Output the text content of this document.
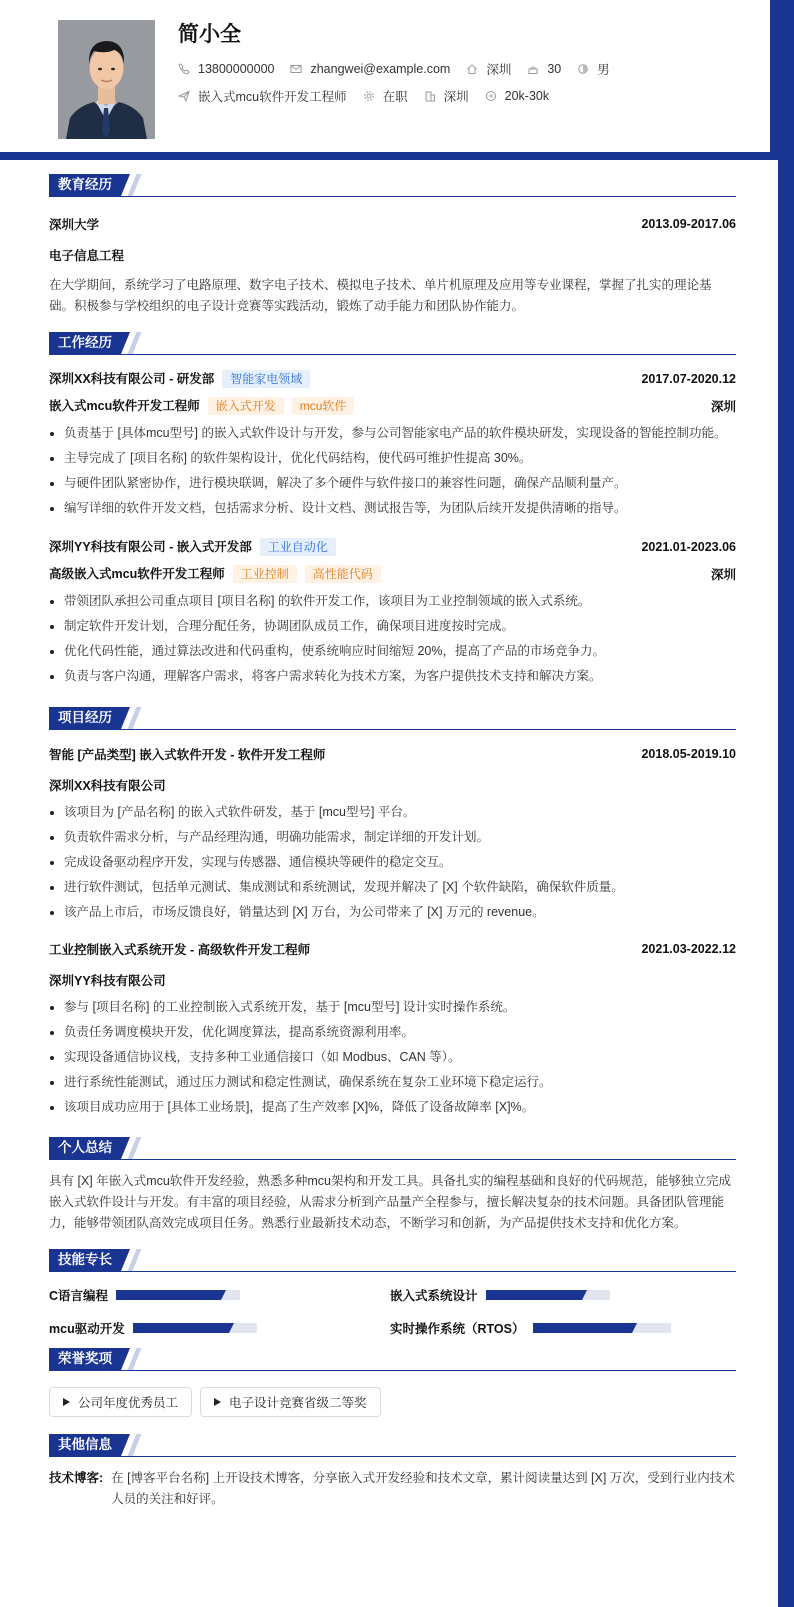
简小全
13800000000	zhangwei@example.com	深圳	30	男
嵌入式mcu软件开发工程师	在职	深圳	20k-30k
教育经历
深圳大学	2013.09-2017.06
电子信息工程
在大学期间，系统学习了电路原理、数字电子技术、模拟电子技术、单片机原理及应用等专业课程，掌握了扎实的理论基础。积极参与学校组织的电子设计竞赛等实践活动，锻炼了动手能力和团队协作能力。
工作经历
深圳XX科技有限公司 - 研发部 智能家电领域	2017.07-2020.12
嵌入式mcu软件开发工程师 嵌入式开发 mcu软件	深圳
负责基于 [具体mcu型号] 的嵌入式软件设计与开发，参与公司智能家电产品的软件模块研发，实现设备的智能控制功能。
主导完成了 [项目名称] 的软件架构设计，优化代码结构，使代码可维护性提高 30%。
与硬件团队紧密协作，进行模块联调，解决了多个硬件与软件接口的兼容性问题，确保产品顺利量产。
编写详细的软件开发文档，包括需求分析、设计文档、测试报告等，为团队后续开发提供清晰的指导。
深圳YY科技有限公司 - 嵌入式开发部 工业自动化	2021.01-2023.06
高级嵌入式mcu软件开发工程师 工业控制 高性能代码	深圳
带领团队承担公司重点项目 [项目名称] 的软件开发工作，该项目为工业控制领域的嵌入式系统。
制定软件开发计划，合理分配任务，协调团队成员工作，确保项目进度按时完成。
优化代码性能，通过算法改进和代码重构，使系统响应时间缩短 20%，提高了产品的市场竞争力。
负责与客户沟通，理解客户需求，将客户需求转化为技术方案，为客户提供技术支持和解决方案。
项目经历
智能 [产品类型] 嵌入式软件开发 - 软件开发工程师	2018.05-2019.10
深圳XX科技有限公司
该项目为 [产品名称] 的嵌入式软件研发，基于 [mcu型号] 平台。
负责软件需求分析，与产品经理沟通，明确功能需求，制定详细的开发计划。
完成设备驱动程序开发，实现与传感器、通信模块等硬件的稳定交互。
进行软件测试，包括单元测试、集成测试和系统测试，发现并解决了 [X] 个软件缺陷，确保软件质量。
该产品上市后，市场反馈良好，销量达到 [X] 万台，为公司带来了 [X] 万元的 revenue。
工业控制嵌入式系统开发 - 高级软件开发工程师	2021.03-2022.12
深圳YY科技有限公司
参与 [项目名称] 的工业控制嵌入式系统开发，基于 [mcu型号] 设计实时操作系统。
负责任务调度模块开发，优化调度算法，提高系统资源利用率。
实现设备通信协议栈，支持多种工业通信接口（如 Modbus、CAN 等）。
进行系统性能测试，通过压力测试和稳定性测试，确保系统在复杂工业环境下稳定运行。
该项目成功应用于 [具体工业场景]，提高了生产效率 [X]%，降低了设备故障率 [X]%。
个人总结
具有 [X] 年嵌入式mcu软件开发经验，熟悉多种mcu架构和开发工具。具备扎实的编程基础和良好的代码规范，能够独立完成嵌入式软件设计与开发。有丰富的项目经验，从需求分析到产品量产全程参与，擅长解决复杂的技术问题。具备团队管理能力，能够带领团队高效完成项目任务。熟悉行业最新技术动态，不断学习和创新，为产品提供技术支持和优化方案。
技能专长
C语言编程	嵌入式系统设计
mcu驱动开发	实时操作系统（RTOS）
荣誉奖项
公司年度优秀员工	电子设计竞赛省级二等奖
其他信息
技术博客: 在 [博客平台名称] 上开设技术博客，分享嵌入式开发经验和技术文章，累计阅读量达到 [X] 万次，受到行业内技术人员的关注和好评。
